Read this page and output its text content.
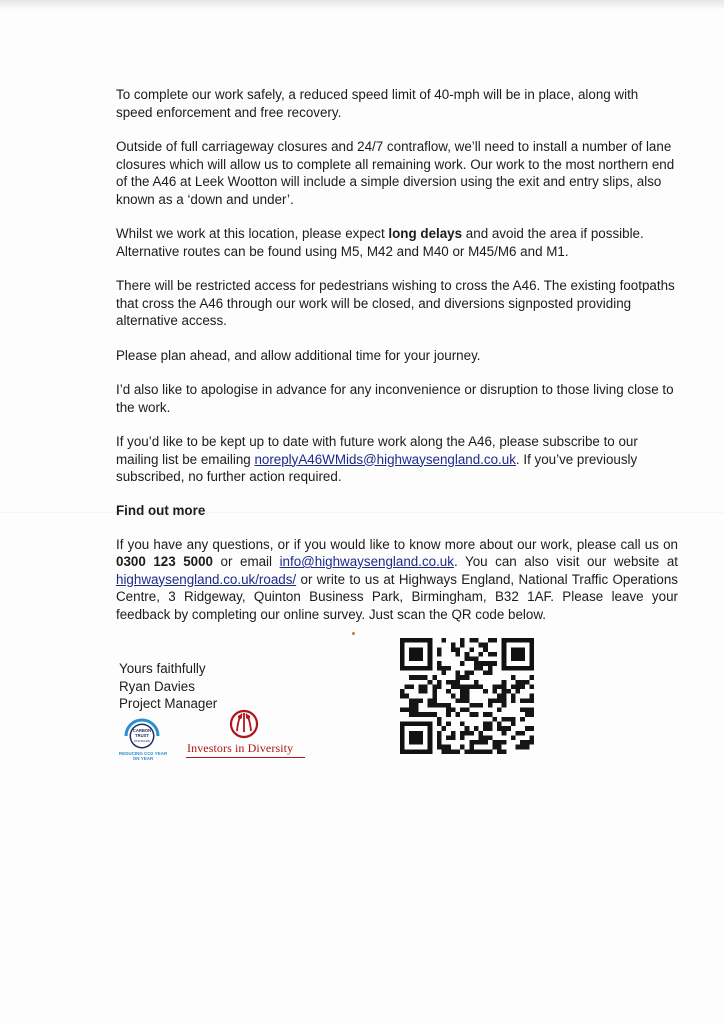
To complete our work safely, a reduced speed limit of 40-mph will be in place, along with speed enforcement and free recovery.

Outside of full carriageway closures and 24/7 contraflow, we’ll need to install a number of lane closures which will allow us to complete all remaining work. Our work to the most northern end of the A46 at Leek Wootton will include a simple diversion using the exit and entry slips, also known as a ‘down and under’.

Whilst we work at this location, please expect long delays and avoid the area if possible. Alternative routes can be found using M5, M42 and M40 or M45/M6 and M1.

There will be restricted access for pedestrians wishing to cross the A46. The existing footpaths that cross the A46 through our work will be closed, and diversions signposted providing alternative access.

Please plan ahead, and allow additional time for your journey.

I’d also like to apologise in advance for any inconvenience or disruption to those living close to the work.

If you’d like to be kept up to date with future work along the A46, please subscribe to our mailing list be emailing noreplyA46WMids@highwaysengland.co.uk. If you’ve previously subscribed, no further action required.

Find out more

If you have any questions, or if you would like to know more about our work, please call us on 0300 123 5000 or email info@highwaysengland.co.uk. You can also visit our website at highwaysengland.co.uk/roads/ or write to us at Highways England, National Traffic Operations Centre, 3 Ridgeway, Quinton Business Park, Birmingham, B32 1AF. Please leave your feedback by completing our online survey. Just scan the QR code below.

Yours faithfully
Ryan Davies
Project Manager
CARBON
TRUST
STANDARD
REDUCING CO2 YEAR ON YEAR
Investors in Diversity
